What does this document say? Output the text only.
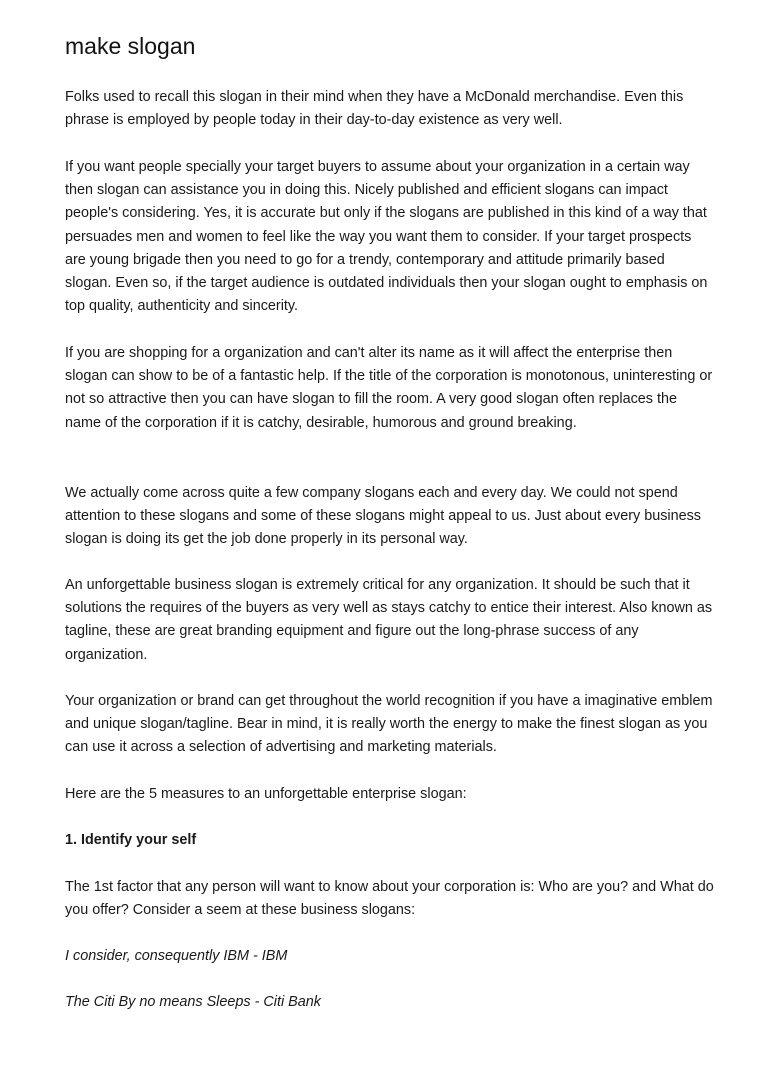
make slogan

Folks used to recall this slogan in their mind when they have a McDonald merchandise. Even this phrase is employed by people today in their day-to-day existence as very well.

If you want people specially your target buyers to assume about your organization in a certain way then slogan can assistance you in doing this. Nicely published and efficient slogans can impact people's considering. Yes, it is accurate but only if the slogans are published in this kind of a way that persuades men and women to feel like the way you want them to consider. If your target prospects are young brigade then you need to go for a trendy, contemporary and attitude primarily based slogan. Even so, if the target audience is outdated individuals then your slogan ought to emphasis on top quality, authenticity and sincerity.

If you are shopping for a organization and can't alter its name as it will affect the enterprise then slogan can show to be of a fantastic help. If the title of the corporation is monotonous, uninteresting or not so attractive then you can have slogan to fill the room. A very good slogan often replaces the name of the corporation if it is catchy, desirable, humorous and ground breaking.

We actually come across quite a few company slogans each and every day. We could not spend attention to these slogans and some of these slogans might appeal to us. Just about every business slogan is doing its get the job done properly in its personal way.

An unforgettable business slogan is extremely critical for any organization. It should be such that it solutions the requires of the buyers as very well as stays catchy to entice their interest. Also known as tagline, these are great branding equipment and figure out the long-phrase success of any organization.

Your organization or brand can get throughout the world recognition if you have a imaginative emblem and unique slogan/tagline. Bear in mind, it is really worth the energy to make the finest slogan as you can use it across a selection of advertising and marketing materials.

Here are the 5 measures to an unforgettable enterprise slogan:

1. Identify your self

The 1st factor that any person will want to know about your corporation is: Who are you? and What do you offer? Consider a seem at these business slogans:

I consider, consequently IBM - IBM

The Citi By no means Sleeps - Citi Bank
